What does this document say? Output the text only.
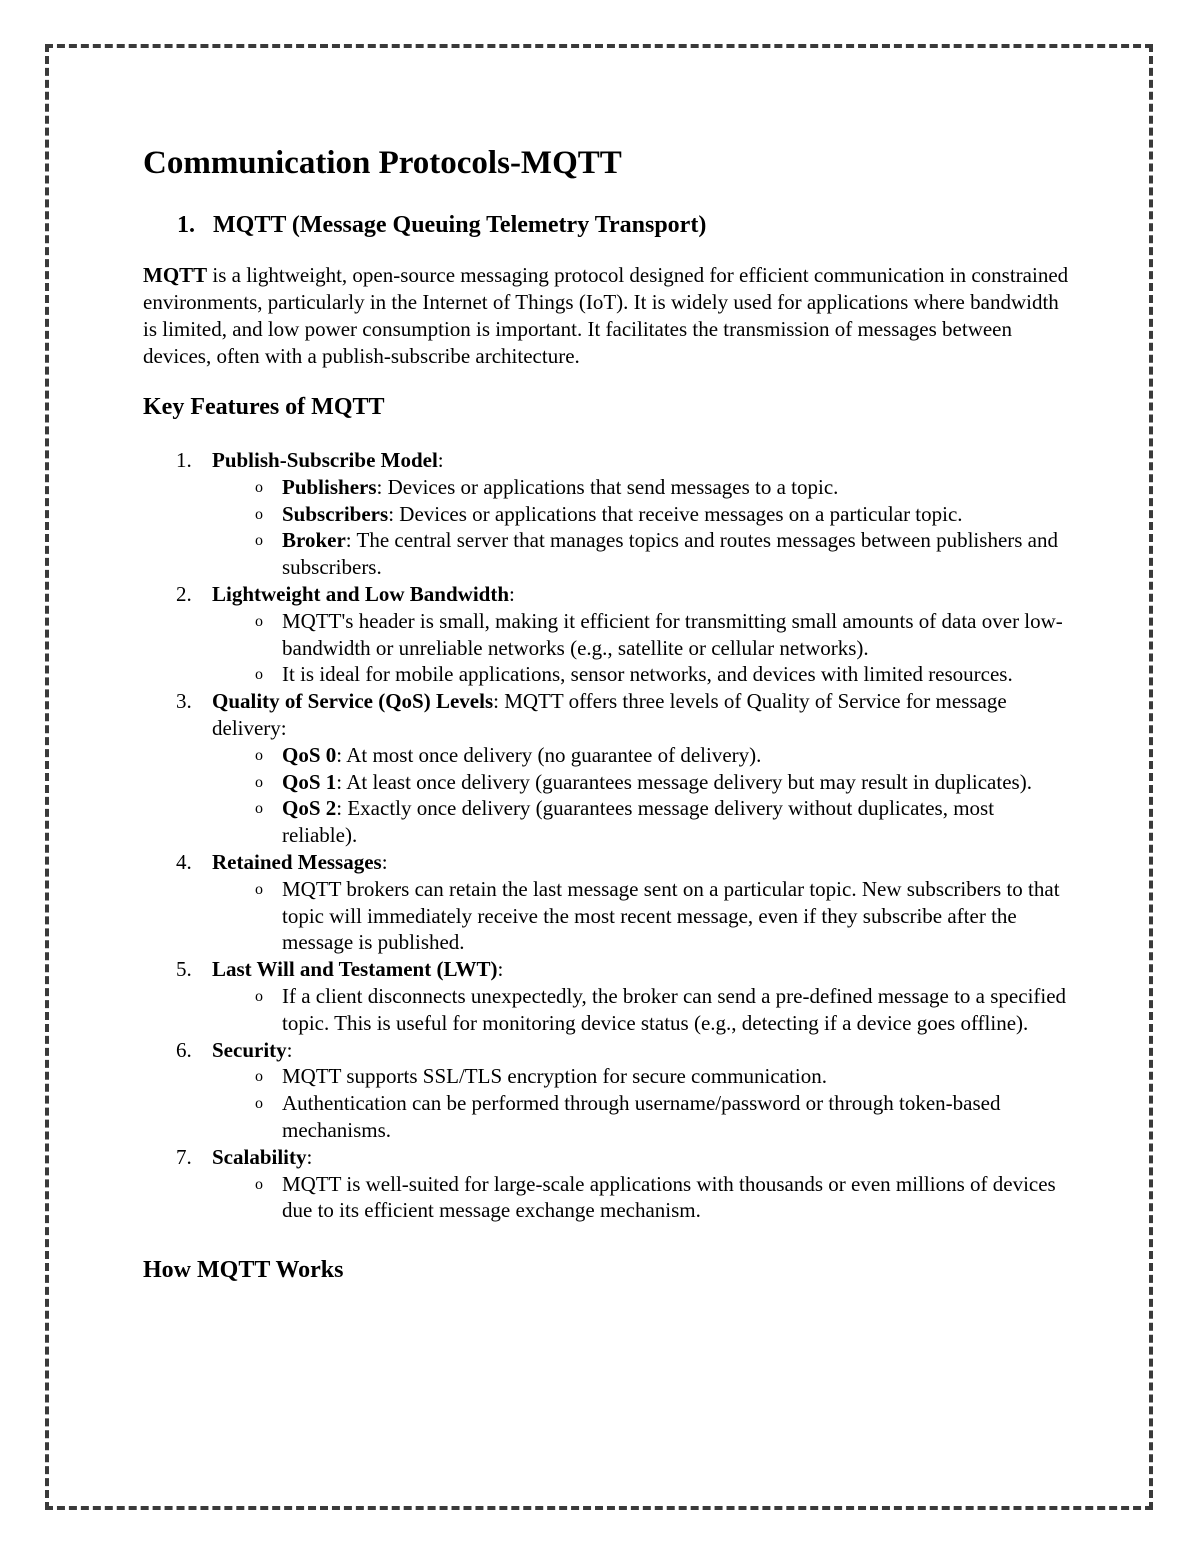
Communication Protocols-MQTT
1. MQTT (Message Queuing Telemetry Transport)

MQTT is a lightweight, open-source messaging protocol designed for efficient communication in constrained environments, particularly in the Internet of Things (IoT). It is widely used for applications where bandwidth is limited, and low power consumption is important. It facilitates the transmission of messages between devices, often with a publish-subscribe architecture.

Key Features of MQTT
1. Publish-Subscribe Model:
o Publishers: Devices or applications that send messages to a topic.
o Subscribers: Devices or applications that receive messages on a particular topic.
o Broker: The central server that manages topics and routes messages between publishers and subscribers.
2. Lightweight and Low Bandwidth:
o MQTT's header is small, making it efficient for transmitting small amounts of data over low-bandwidth or unreliable networks (e.g., satellite or cellular networks).
o It is ideal for mobile applications, sensor networks, and devices with limited resources.
3. Quality of Service (QoS) Levels: MQTT offers three levels of Quality of Service for message delivery:
o QoS 0: At most once delivery (no guarantee of delivery).
o QoS 1: At least once delivery (guarantees message delivery but may result in duplicates).
o QoS 2: Exactly once delivery (guarantees message delivery without duplicates, most reliable).
4. Retained Messages:
o MQTT brokers can retain the last message sent on a particular topic. New subscribers to that topic will immediately receive the most recent message, even if they subscribe after the message is published.
5. Last Will and Testament (LWT):
o If a client disconnects unexpectedly, the broker can send a pre-defined message to a specified topic. This is useful for monitoring device status (e.g., detecting if a device goes offline).
6. Security:
o MQTT supports SSL/TLS encryption for secure communication.
o Authentication can be performed through username/password or through token-based mechanisms.
7. Scalability:
o MQTT is well-suited for large-scale applications with thousands or even millions of devices due to its efficient message exchange mechanism.
How MQTT Works
